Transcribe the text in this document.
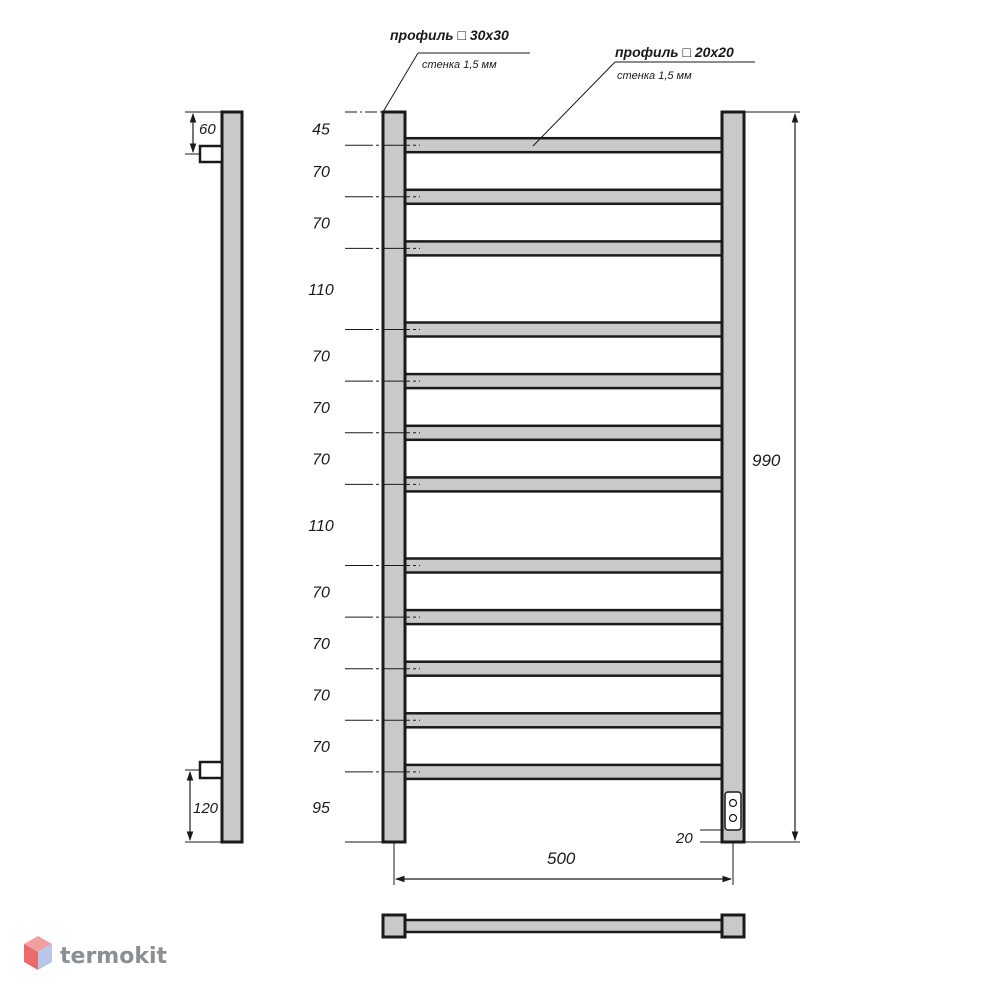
60
120
45
70
70
110
70
70
70
110
70
70
70
70
95
990
500
20
профиль □ 30x30
стенка 1,5 мм
профиль □ 20x20
стенка 1,5 мм
termokit
